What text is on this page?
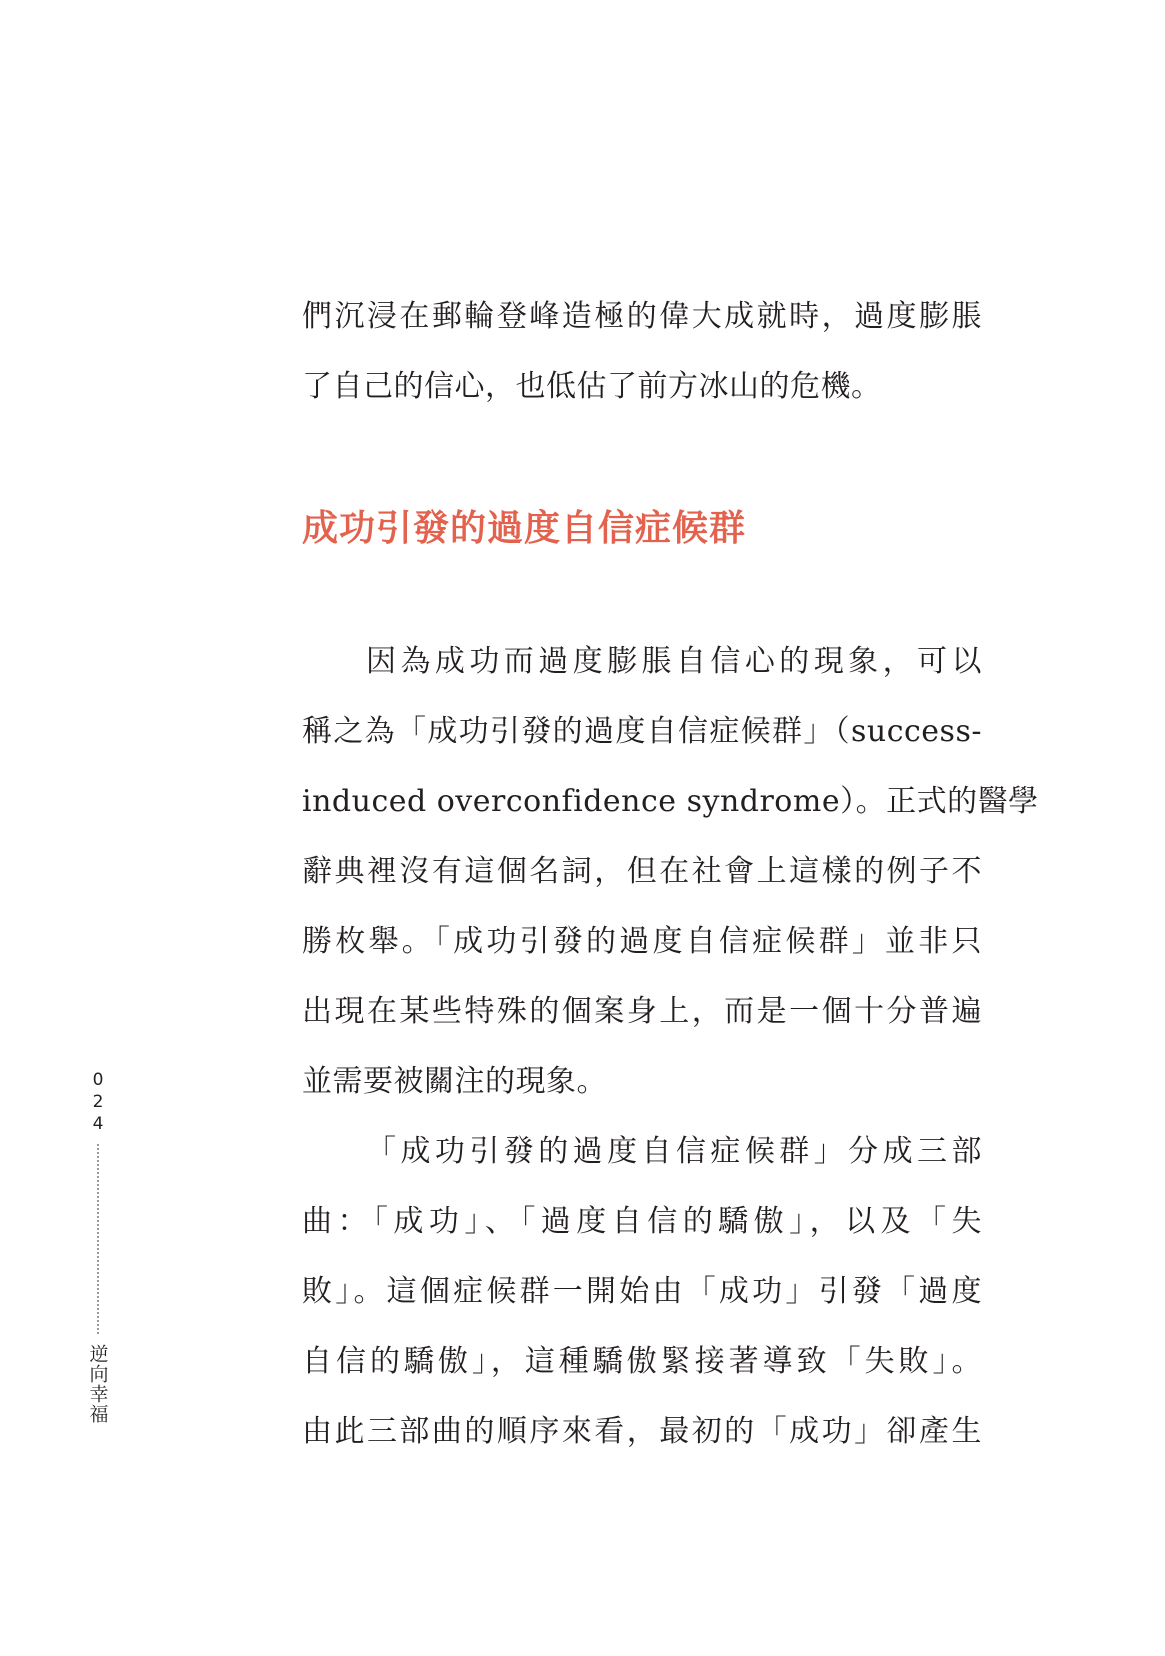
們沉浸在郵輪登峰造極的偉大成就時，過度膨脹
了自己的信心，也低估了前方冰山的危機。
成功引發的過度自信症候群
因為成功而過度膨脹自信心的現象，可以
稱之為「成功引發的過度自信症候群」（success-
induced overconfidence syndrome）。正式的醫學
辭典裡沒有這個名詞，但在社會上這樣的例子不
勝枚舉。「成功引發的過度自信症候群」並非只
出現在某些特殊的個案身上，而是一個十分普遍
並需要被關注的現象。
「成功引發的過度自信症候群」分成三部
曲：「成功」、「過度自信的驕傲」，以及「失
敗」。這個症候群一開始由「成功」引發「過度
自信的驕傲」，這種驕傲緊接著導致「失敗」。
由此三部曲的順序來看，最初的「成功」卻產生
024
逆向幸福
